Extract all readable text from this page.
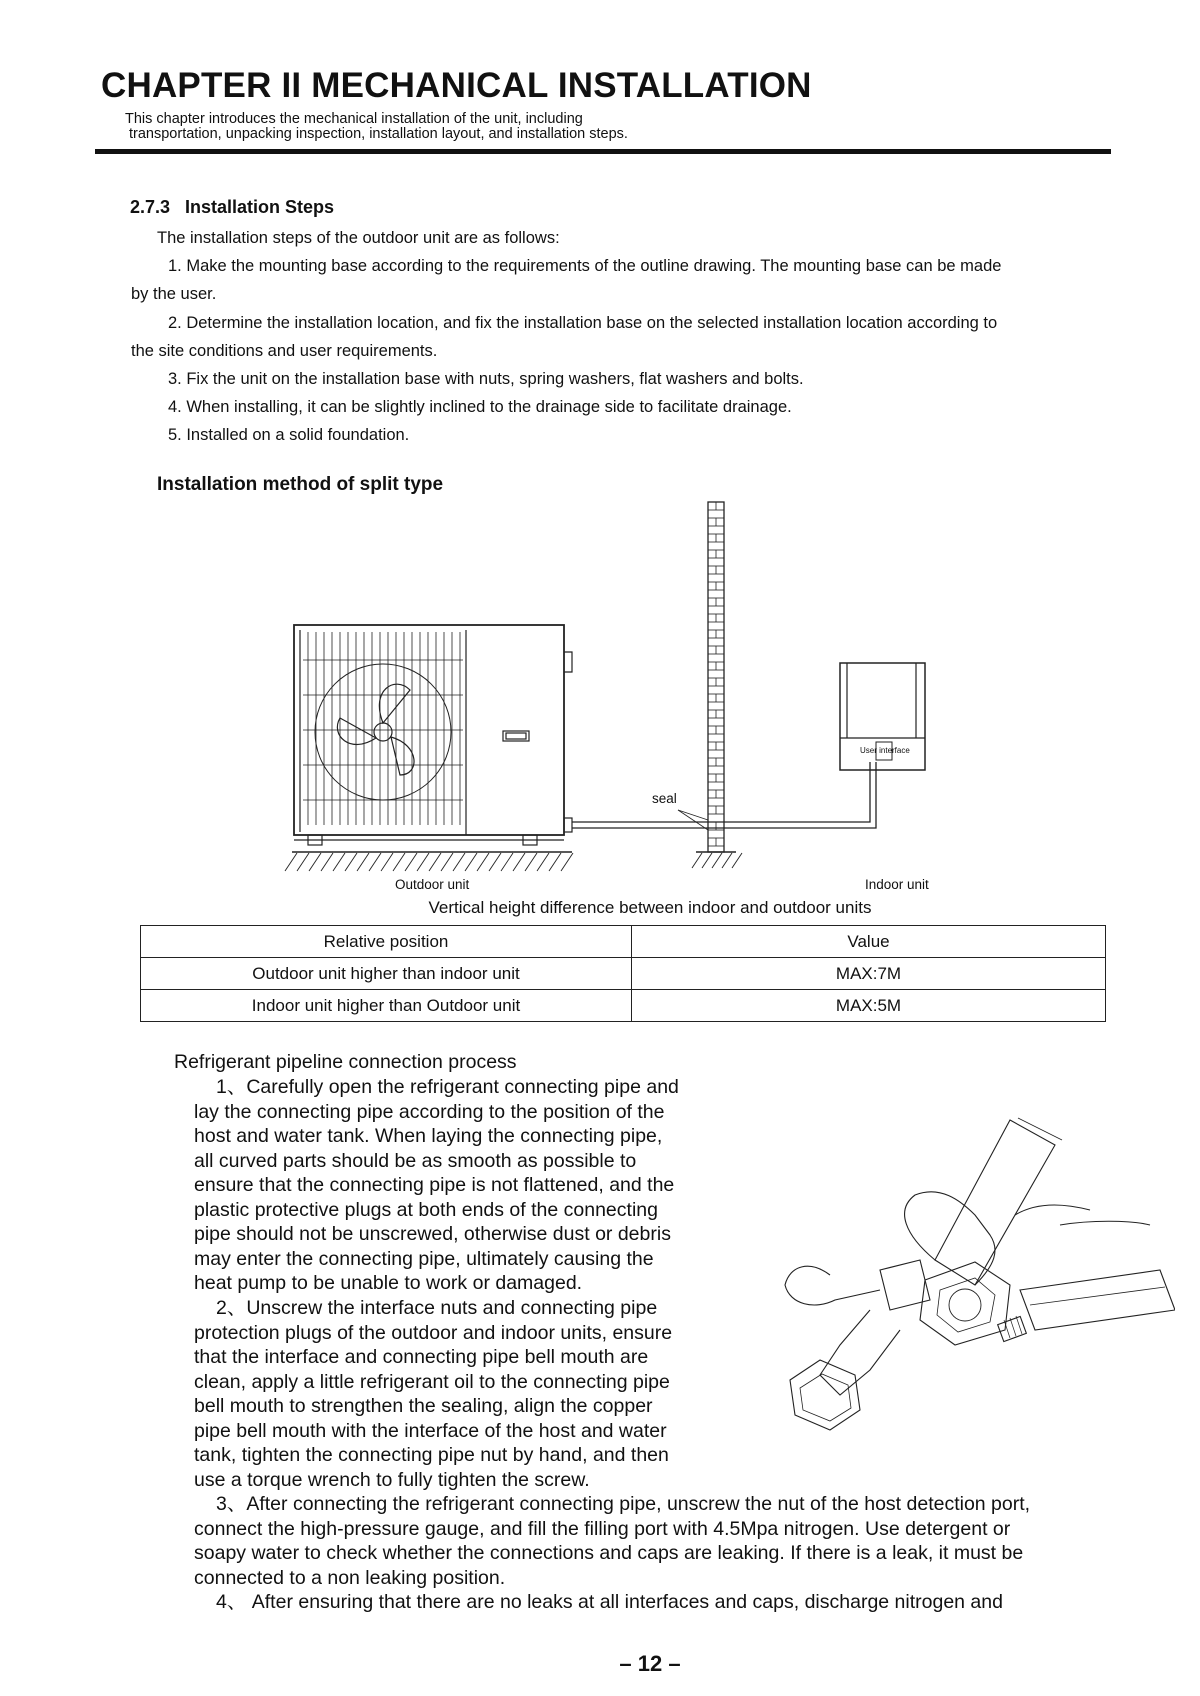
CHAPTER II MECHANICAL INSTALLATION
This chapter introduces the mechanical installation of the unit, including
transportation, unpacking inspection, installation layout, and installation steps.
2.7.3   Installation Steps
The installation steps of the outdoor unit are as follows:
1. Make the mounting base according to the requirements of the outline drawing. The mounting base can be made
by the user.
2. Determine the installation location, and fix the installation base on the selected installation location according to
the site conditions and user requirements.
3. Fix the unit on the installation base with nuts, spring washers, flat washers and bolts.
4. When installing, it can be slightly inclined to the drainage side to facilitate drainage.
5. Installed on a solid foundation.
Installation method of split type
seal
User interface
Outdoor unit	Indoor unit
Vertical height difference between indoor and outdoor units
Relative position	Value
Outdoor unit higher than indoor unit	MAX:7M
Indoor unit higher than Outdoor unit	MAX:5M
Refrigerant pipeline connection process
1、Carefully open the refrigerant connecting pipe and
lay the connecting pipe according to the position of the
host and water tank. When laying the connecting pipe,
all curved parts should be as smooth as possible to
ensure that the connecting pipe is not flattened, and the
plastic protective plugs at both ends of the connecting
pipe should not be unscrewed, otherwise dust or debris
may enter the connecting pipe, ultimately causing the
heat pump to be unable to work or damaged.
2、Unscrew the interface nuts and connecting pipe
protection plugs of the outdoor and indoor units, ensure
that the interface and connecting pipe bell mouth are
clean, apply a little refrigerant oil to the connecting pipe
bell mouth to strengthen the sealing, align the copper
pipe bell mouth with the interface of the host and water
tank, tighten the connecting pipe nut by hand, and then
use a torque wrench to fully tighten the screw.
3、After connecting the refrigerant connecting pipe, unscrew the nut of the host detection port,
connect the high-pressure gauge, and fill the filling port with 4.5Mpa nitrogen. Use detergent or
soapy water to check whether the connections and caps are leaking. If there is a leak, it must be
connected to a non leaking position.
4、 After ensuring that there are no leaks at all interfaces and caps, discharge nitrogen and
– 12 –
